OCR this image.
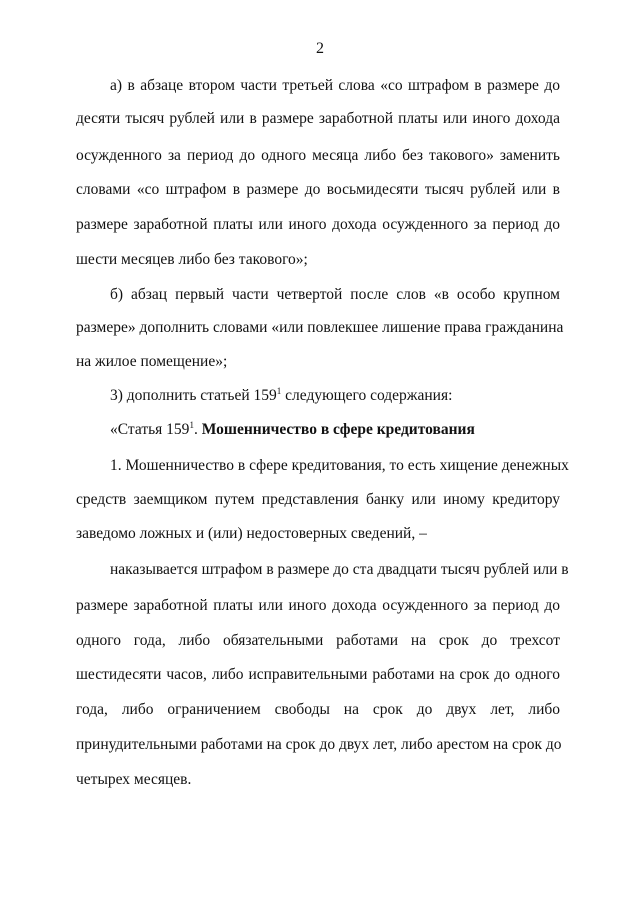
2
а) в абзаце втором части третьей слова «со штрафом в размере до
десяти тысяч рублей или в размере заработной платы или иного дохода
осужденного за период до одного месяца либо без такового» заменить
словами «со штрафом в размере до восьмидесяти тысяч рублей или в
размере заработной платы или иного дохода осужденного за период до
шести месяцев либо без такового»;
б) абзац первый части четвертой после слов «в особо крупном
размере» дополнить словами «или повлекшее лишение права гражданина
на жилое помещение»;
3) дополнить статьей $159^1$ следующего содержания:
«Статья $159^1$. Мошенничество в сфере кредитования
1. Мошенничество в сфере кредитования, то есть хищение денежных
средств заемщиком путем представления банку или иному кредитору
заведомо ложных и (или) недостоверных сведений, –
наказывается штрафом в размере до ста двадцати тысяч рублей или в
размере заработной платы или иного дохода осужденного за период до
одного года, либо обязательными работами на срок до трехсот
шестидесяти часов, либо исправительными работами на срок до одного
года, либо ограничением свободы на срок до двух лет, либо
принудительными работами на срок до двух лет, либо арестом на срок до
четырех месяцев.
